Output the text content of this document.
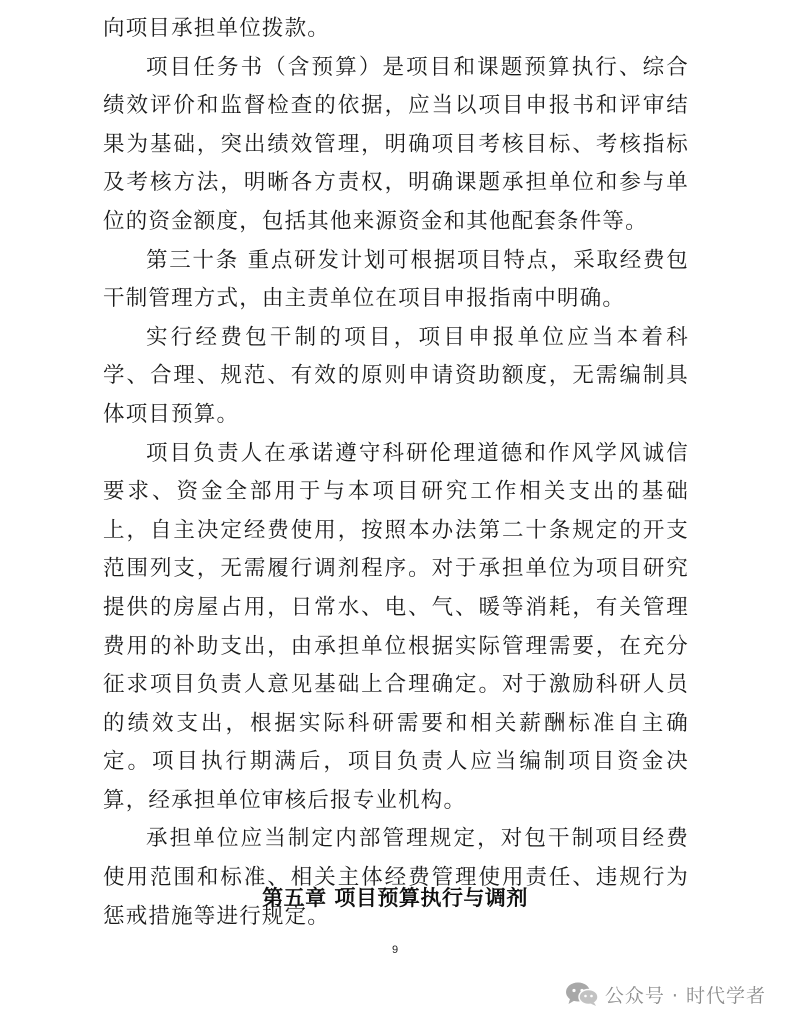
向项目承担单位拨款。

项目任务书（含预算）是项目和课题预算执行、综合绩效评价和监督检查的依据，应当以项目申报书和评审结果为基础，突出绩效管理，明确项目考核目标、考核指标及考核方法，明晰各方责权，明确课题承担单位和参与单位的资金额度，包括其他来源资金和其他配套条件等。

第三十条 重点研发计划可根据项目特点，采取经费包干制管理方式，由主责单位在项目申报指南中明确。

实行经费包干制的项目，项目申报单位应当本着科学、合理、规范、有效的原则申请资助额度，无需编制具体项目预算。

项目负责人在承诺遵守科研伦理道德和作风学风诚信要求、资金全部用于与本项目研究工作相关支出的基础上，自主决定经费使用，按照本办法第二十条规定的开支范围列支，无需履行调剂程序。对于承担单位为项目研究提供的房屋占用，日常水、电、气、暖等消耗，有关管理费用的补助支出，由承担单位根据实际管理需要，在充分征求项目负责人意见基础上合理确定。对于激励科研人员的绩效支出，根据实际科研需要和相关薪酬标准自主确定。项目执行期满后，项目负责人应当编制项目资金决算，经承担单位审核后报专业机构。

承担单位应当制定内部管理规定，对包干制项目经费使用范围和标准、相关主体经费管理使用责任、违规行为惩戒措施等进行规定。

第五章 项目预算执行与调剂
9
公众号 · 时代学者
